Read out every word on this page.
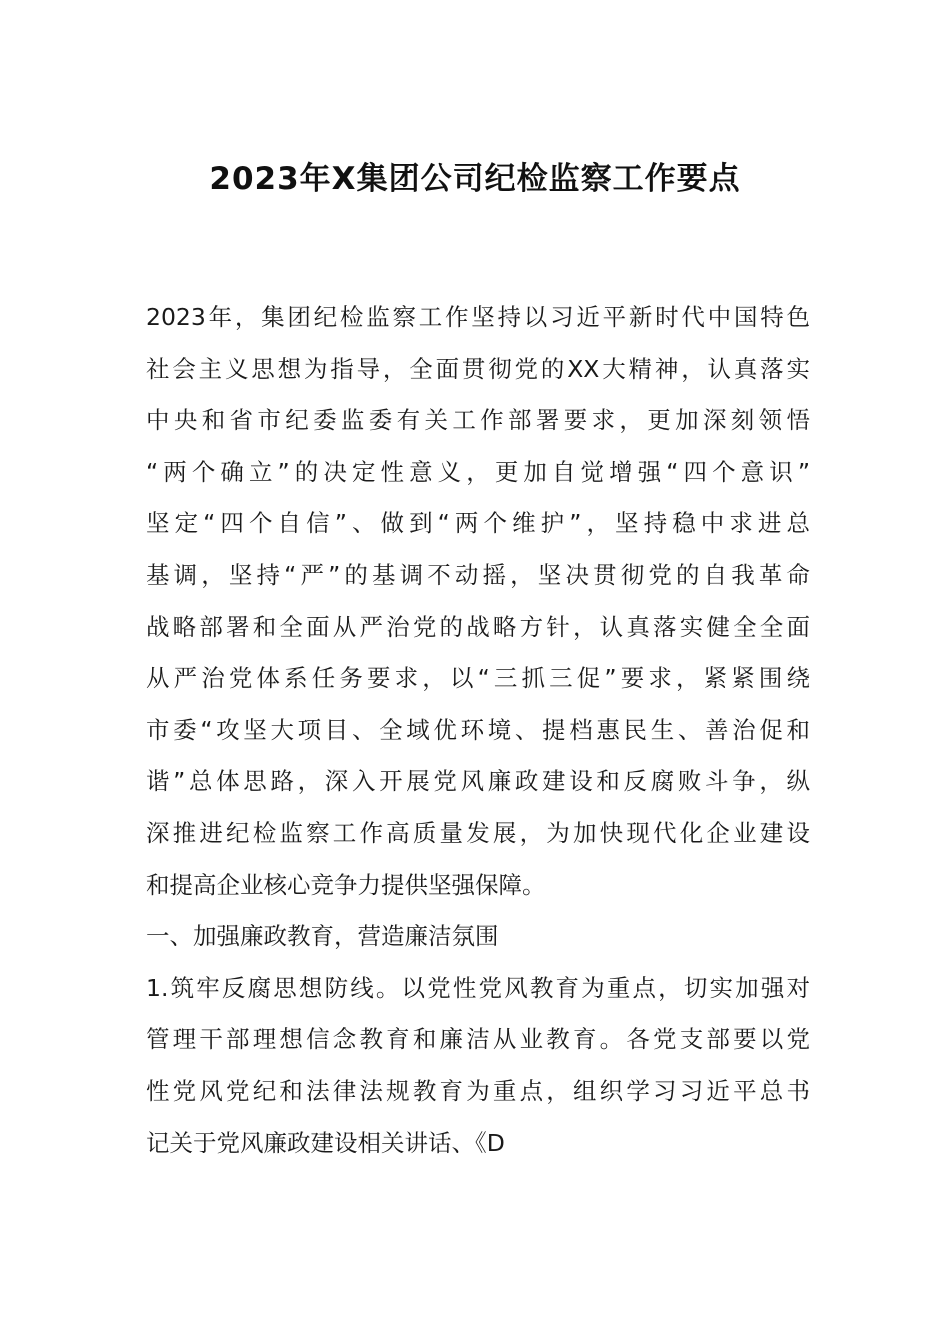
2023年X集团公司纪检监察工作要点
2023年，集团纪检监察工作坚持以习近平新时代中国特色
社会主义思想为指导，全面贯彻党的XX大精神，认真落实
中央和省市纪委监委有关工作部署要求，更加深刻领悟
“两个确立”的决定性意义，更加自觉增强“四个意识”
坚定“四个自信”、做到“两个维护”，坚持稳中求进总
基调，坚持“严”的基调不动摇，坚决贯彻党的自我革命
战略部署和全面从严治党的战略方针，认真落实健全全面
从严治党体系任务要求，以“三抓三促”要求，紧紧围绕
市委“攻坚大项目、全域优环境、提档惠民生、善治促和
谐”总体思路，深入开展党风廉政建设和反腐败斗争，纵
深推进纪检监察工作高质量发展，为加快现代化企业建设
和提高企业核心竞争力提供坚强保障。
一、加强廉政教育，营造廉洁氛围
1.筑牢反腐思想防线。以党性党风教育为重点，切实加强对
管理干部理想信念教育和廉洁从业教育。各党支部要以党
性党风党纪和法律法规教育为重点，组织学习习近平总书
记关于党风廉政建设相关讲话、《D
